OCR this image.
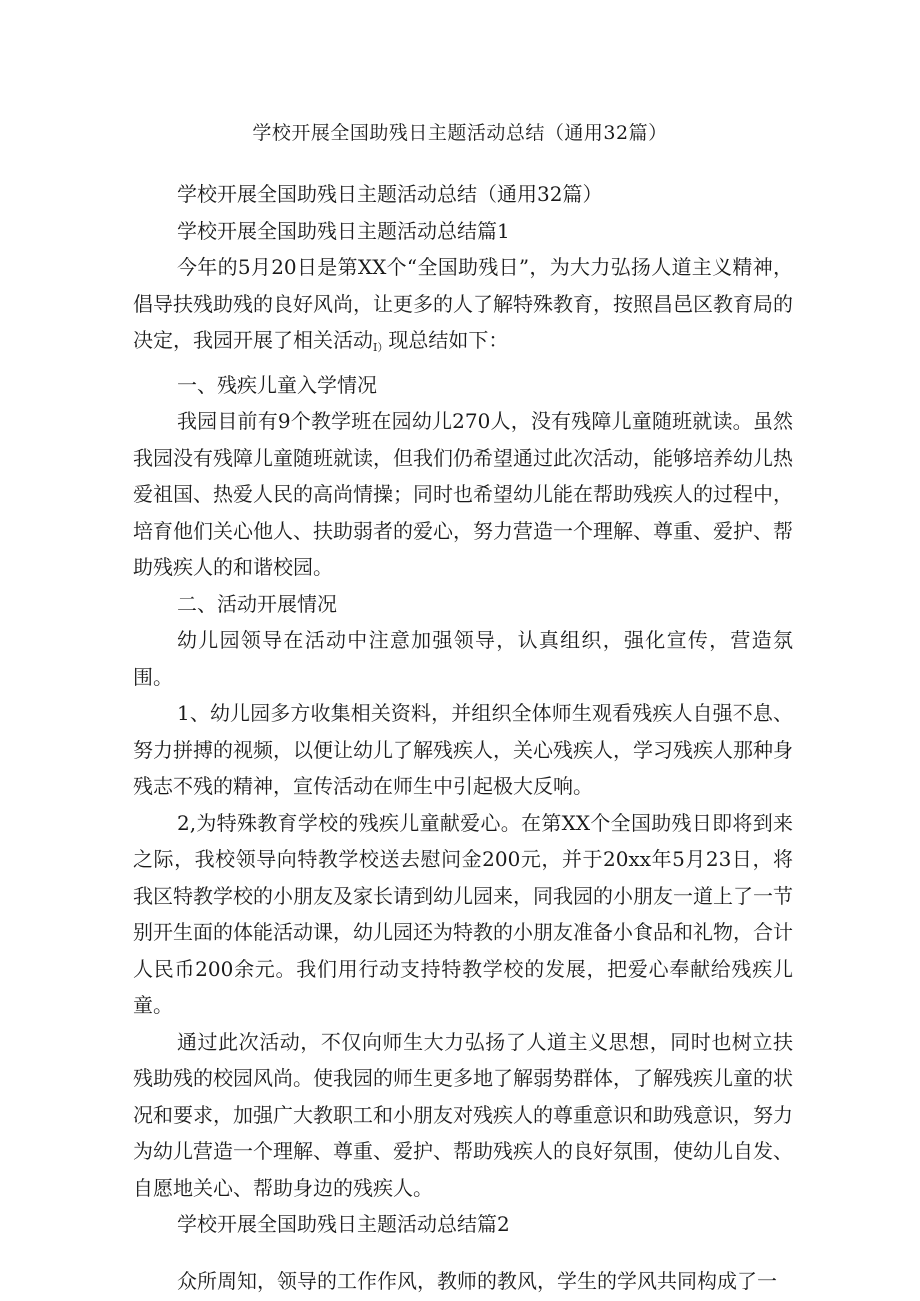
学校开展全国助残日主题活动总结（通用32篇）

学校开展全国助残日主题活动总结（通用32篇）

学校开展全国助残日主题活动总结篇1

今年的5月20日是第XX个“全国助残日”，为大力弘扬人道主义精神，倡导扶残助残的良好风尚，让更多的人了解特殊教育，按照昌邑区教育局的决定，我园开展了相关活动$_{I)}$现总结如下：

一、残疾儿童入学情况

我园目前有9个教学班在园幼儿270人，没有残障儿童随班就读。虽然我园没有残障儿童随班就读，但我们仍希望通过此次活动，能够培养幼儿热爱祖国、热爱人民的高尚情操；同时也希望幼儿能在帮助残疾人的过程中，培育他们关心他人、扶助弱者的爱心，努力营造一个理解、尊重、爱护、帮助残疾人的和谐校园。

二、活动开展情况

幼儿园领导在活动中注意加强领导，认真组织，强化宣传，营造氛围。

1、幼儿园多方收集相关资料，并组织全体师生观看残疾人自强不息、努力拼搏的视频，以便让幼儿了解残疾人，关心残疾人，学习残疾人那种身残志不残的精神，宣传活动在师生中引起极大反响。

2,为特殊教育学校的残疾儿童献爱心。在第XX个全国助残日即将到来之际，我校领导向特教学校送去慰问金200元，并于20xx年5月23日，将我区特教学校的小朋友及家长请到幼儿园来，同我园的小朋友一道上了一节别开生面的体能活动课，幼儿园还为特教的小朋友准备小食品和礼物，合计人民币200余元。我们用行动支持特教学校的发展，把爱心奉献给残疾儿童。

通过此次活动，不仅向师生大力弘扬了人道主义思想，同时也树立扶残助残的校园风尚。使我园的师生更多地了解弱势群体，了解残疾儿童的状况和要求，加强广大教职工和小朋友对残疾人的尊重意识和助残意识，努力为幼儿营造一个理解、尊重、爱护、帮助残疾人的良好氛围，使幼儿自发、自愿地关心、帮助身边的残疾人。

学校开展全国助残日主题活动总结篇2

众所周知，领导的工作作风，教师的教风，学生的学风共同构成了一
